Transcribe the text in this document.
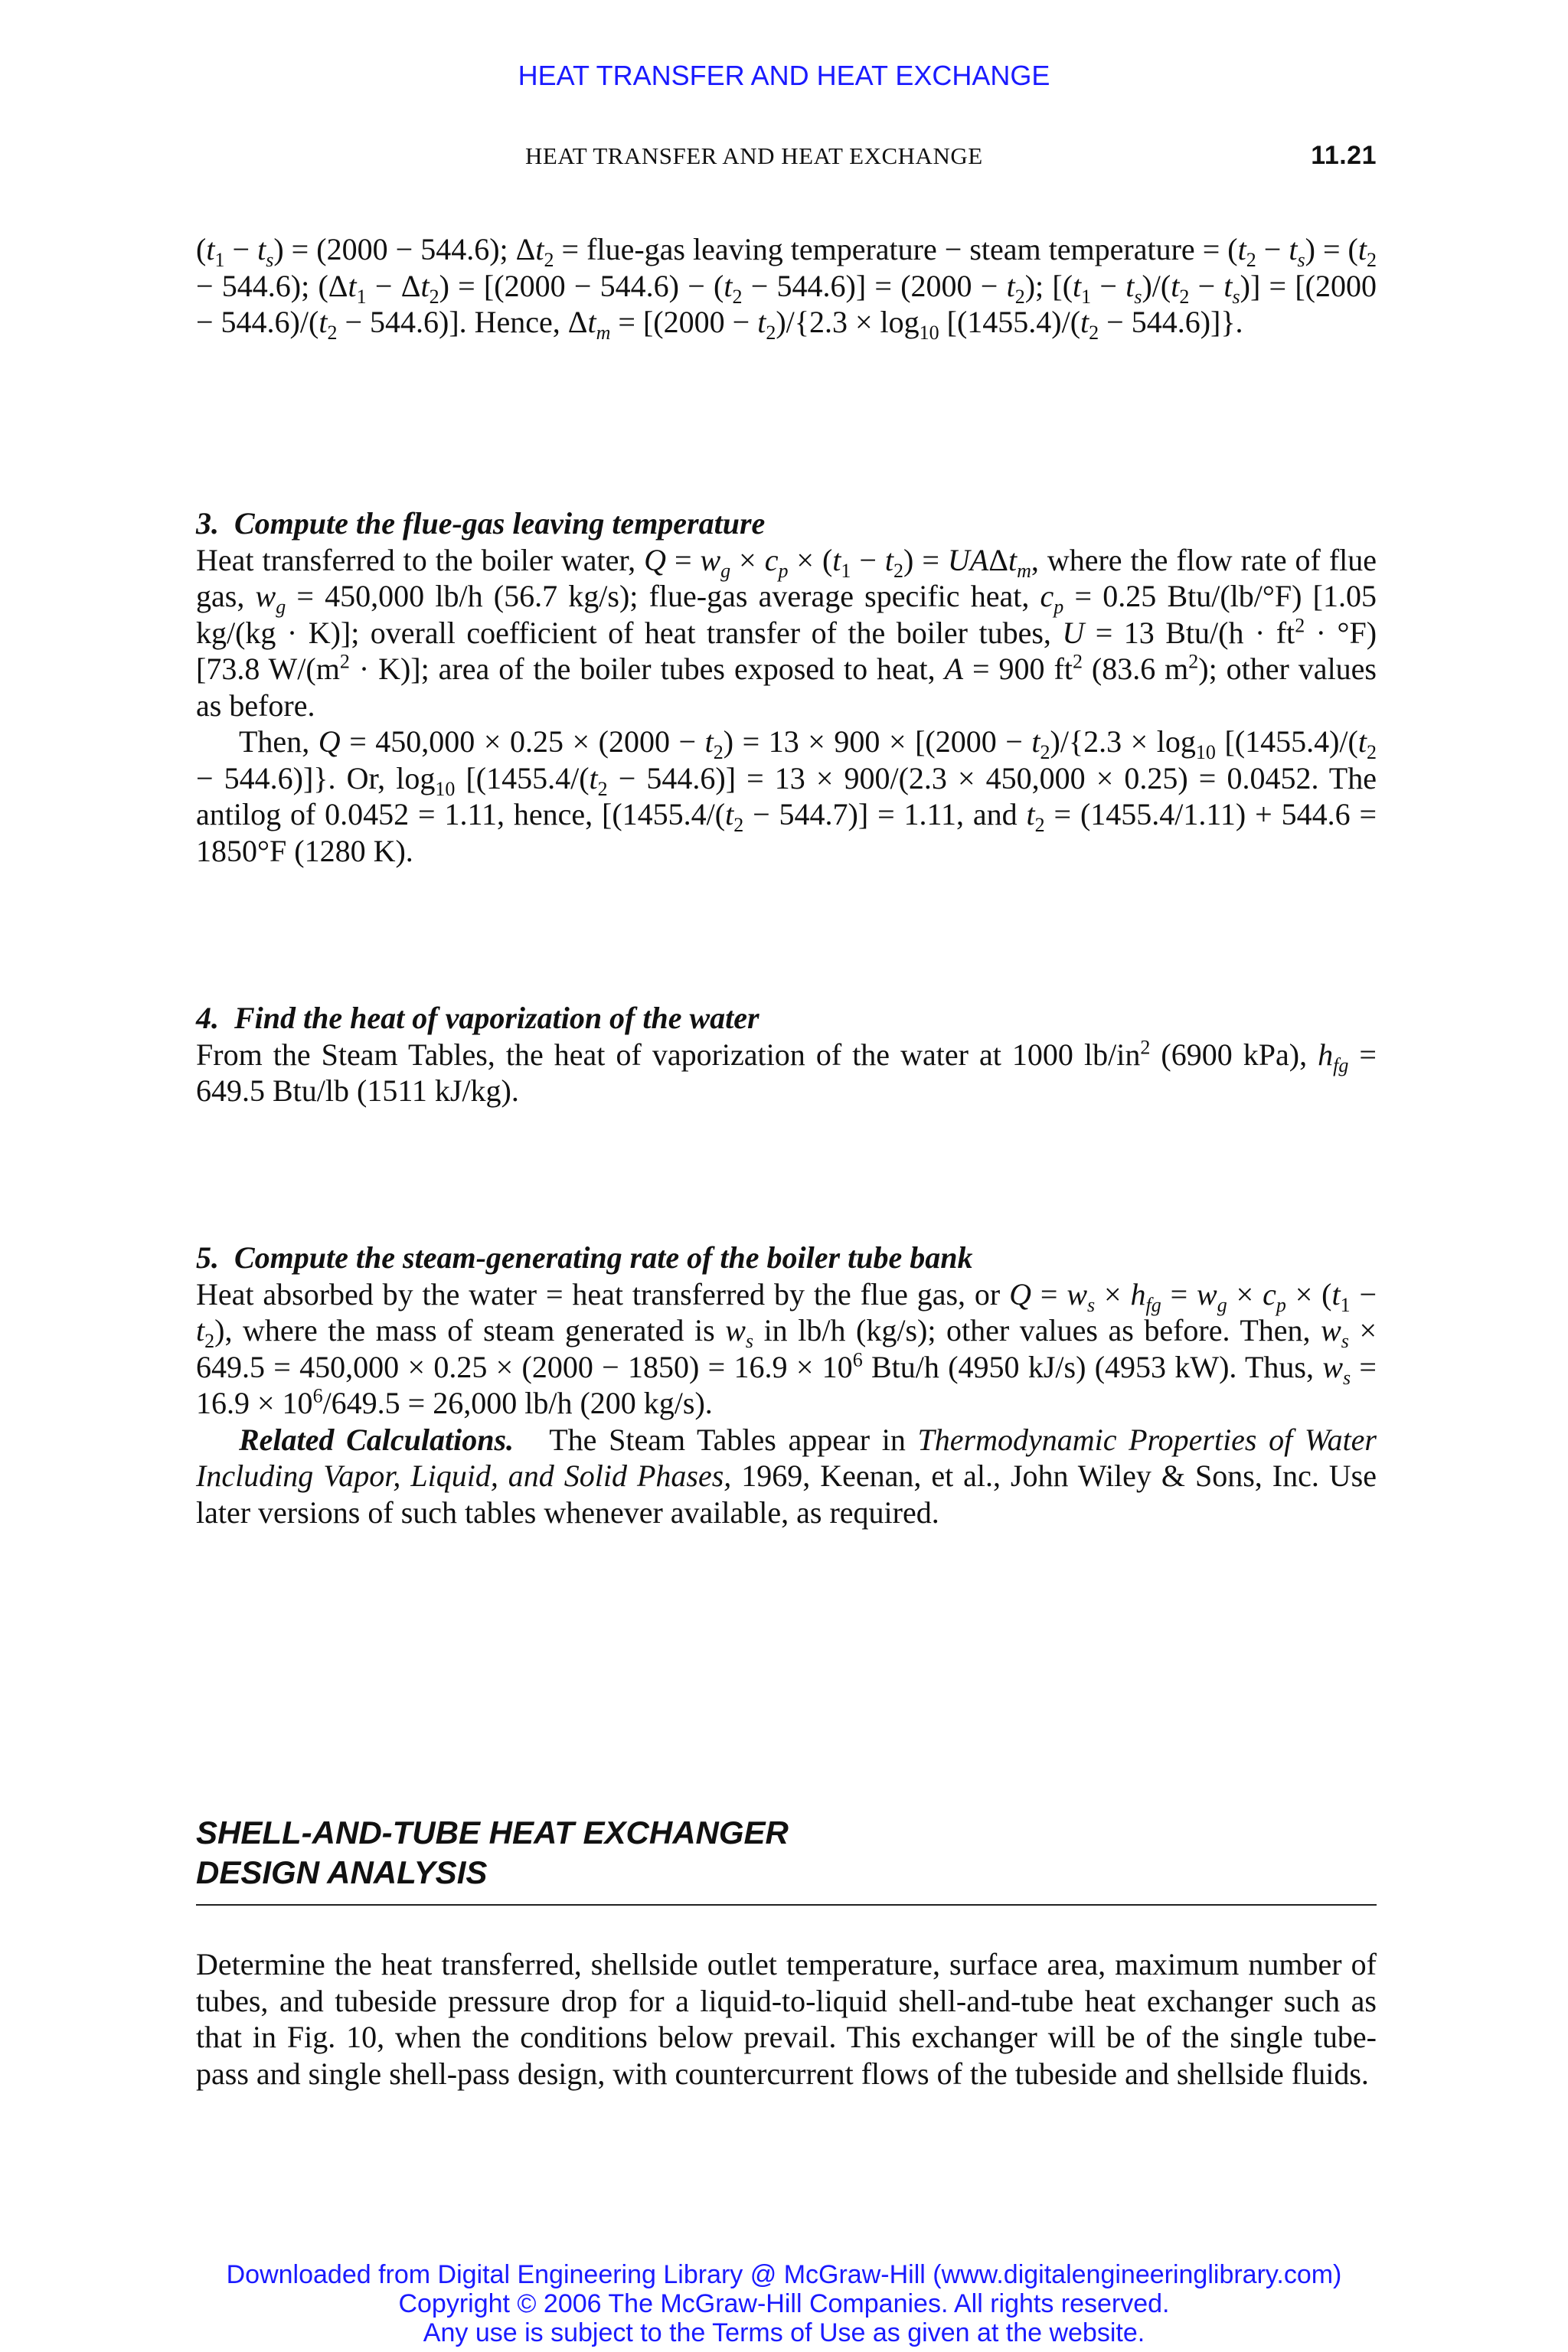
HEAT TRANSFER AND HEAT EXCHANGE
HEAT TRANSFER AND HEAT EXCHANGE	11.21

$(t_1 - t_s) = (2000 - 544.6)$; $\Delta t_2$ = flue-gas leaving temperature − steam temperature = $(t_2 - t_s) = (t_2 - 544.6)$; $(\Delta t_1 - \Delta t_2) = [(2000 - 544.6) - (t_2 - 544.6)] = (2000 - t_2)$; $[(t_1 - t_s)/(t_2 - t_s)] = [(2000 - 544.6)/(t_2 - 544.6)]$. Hence, $\Delta t_m = [(2000 - t_2)/\{2.3 \times \log_{10} [(1455.4)/(t_2 - 544.6)]\}$.

3.  Compute the flue-gas leaving temperature

Heat transferred to the boiler water, $Q = w_g \times c_p \times (t_1 - t_2) = UA\Delta t_m$, where the flow rate of flue gas, $w_g = 450,000$ lb/h (56.7 kg/s); flue-gas average specific heat, $c_p = 0.25$ Btu/(lb/°F) [1.05 kg/(kg · K)]; overall coefficient of heat transfer of the boiler tubes, U = 13 $Btu/(h \cdot ft^2 \cdot ^\circ F)$ [73.8 $W/(m^2 \cdot K)$]; area of the boiler tubes exposed to heat, A = 900 $ft^2$ (83.6 $m^2$); other values as before.

Then, $Q = 450,000 \times 0.25 \times (2000 - t_2) = 13 \times 900 \times [(2000 - t_2)/\{2.3 \times \log_{10} [(1455.4)/(t_2 - 544.6)]\}$. Or, $\log_{10} [(1455.4/(t_2 - 544.6)] = 13 \times 900/(2.3 \times 450,000 \times 0.25) = 0.0452$. The antilog of 0.0452 = 1.11, hence, [$(1455.4/(t_2 - 544.7)] = 1.11$, and $t_2 = (1455.4/1.11) + 544.6 = 1850^\circ F$ (1280 K).

4.  Find the heat of vaporization of the water

From the Steam Tables, the heat of vaporization of the water at 1000 $lb/in^2$ (6900 kPa), $h_{fg} = 649.5$ Btu/lb (1511 kJ/kg).

5.  Compute the steam-generating rate of the boiler tube bank

Heat absorbed by the water = heat transferred by the flue gas, or $Q = w_s \times h_{fg} = w_g \times c_p \times (t_1 - t_2)$, where the mass of steam generated is $w_s$ in lb/h (kg/s); other values as before. Then, $w_s \times 649.5 = 450,000 \times 0.25 \times (2000 - 1850) = 16.9 \times 10^6$ Btu/h (4950 kJ/s) (4953 kW). Thus, $w_s = 16.9 \times 10^6/649.5 = 26,000$ lb/h (200 kg/s).

Related Calculations.   The Steam Tables appear in Thermodynamic Properties of Water Including Vapor, Liquid, and Solid Phases, 1969, Keenan, et al., John Wiley & Sons, Inc. Use later versions of such tables whenever available, as required.

SHELL-AND-TUBE HEAT EXCHANGER
DESIGN ANALYSIS

Determine the heat transferred, shellside outlet temperature, surface area, maximum number of tubes, and tubeside pressure drop for a liquid-to-liquid shell-and-tube heat exchanger such as that in Fig. 10, when the conditions below prevail. This exchanger will be of the single tube-pass and single shell-pass design, with countercurrent flows of the tubeside and shellside fluids.

Downloaded from Digital Engineering Library @ McGraw-Hill (www.digitalengineeringlibrary.com)
Copyright © 2006 The McGraw-Hill Companies. All rights reserved.
Any use is subject to the Terms of Use as given at the website.
